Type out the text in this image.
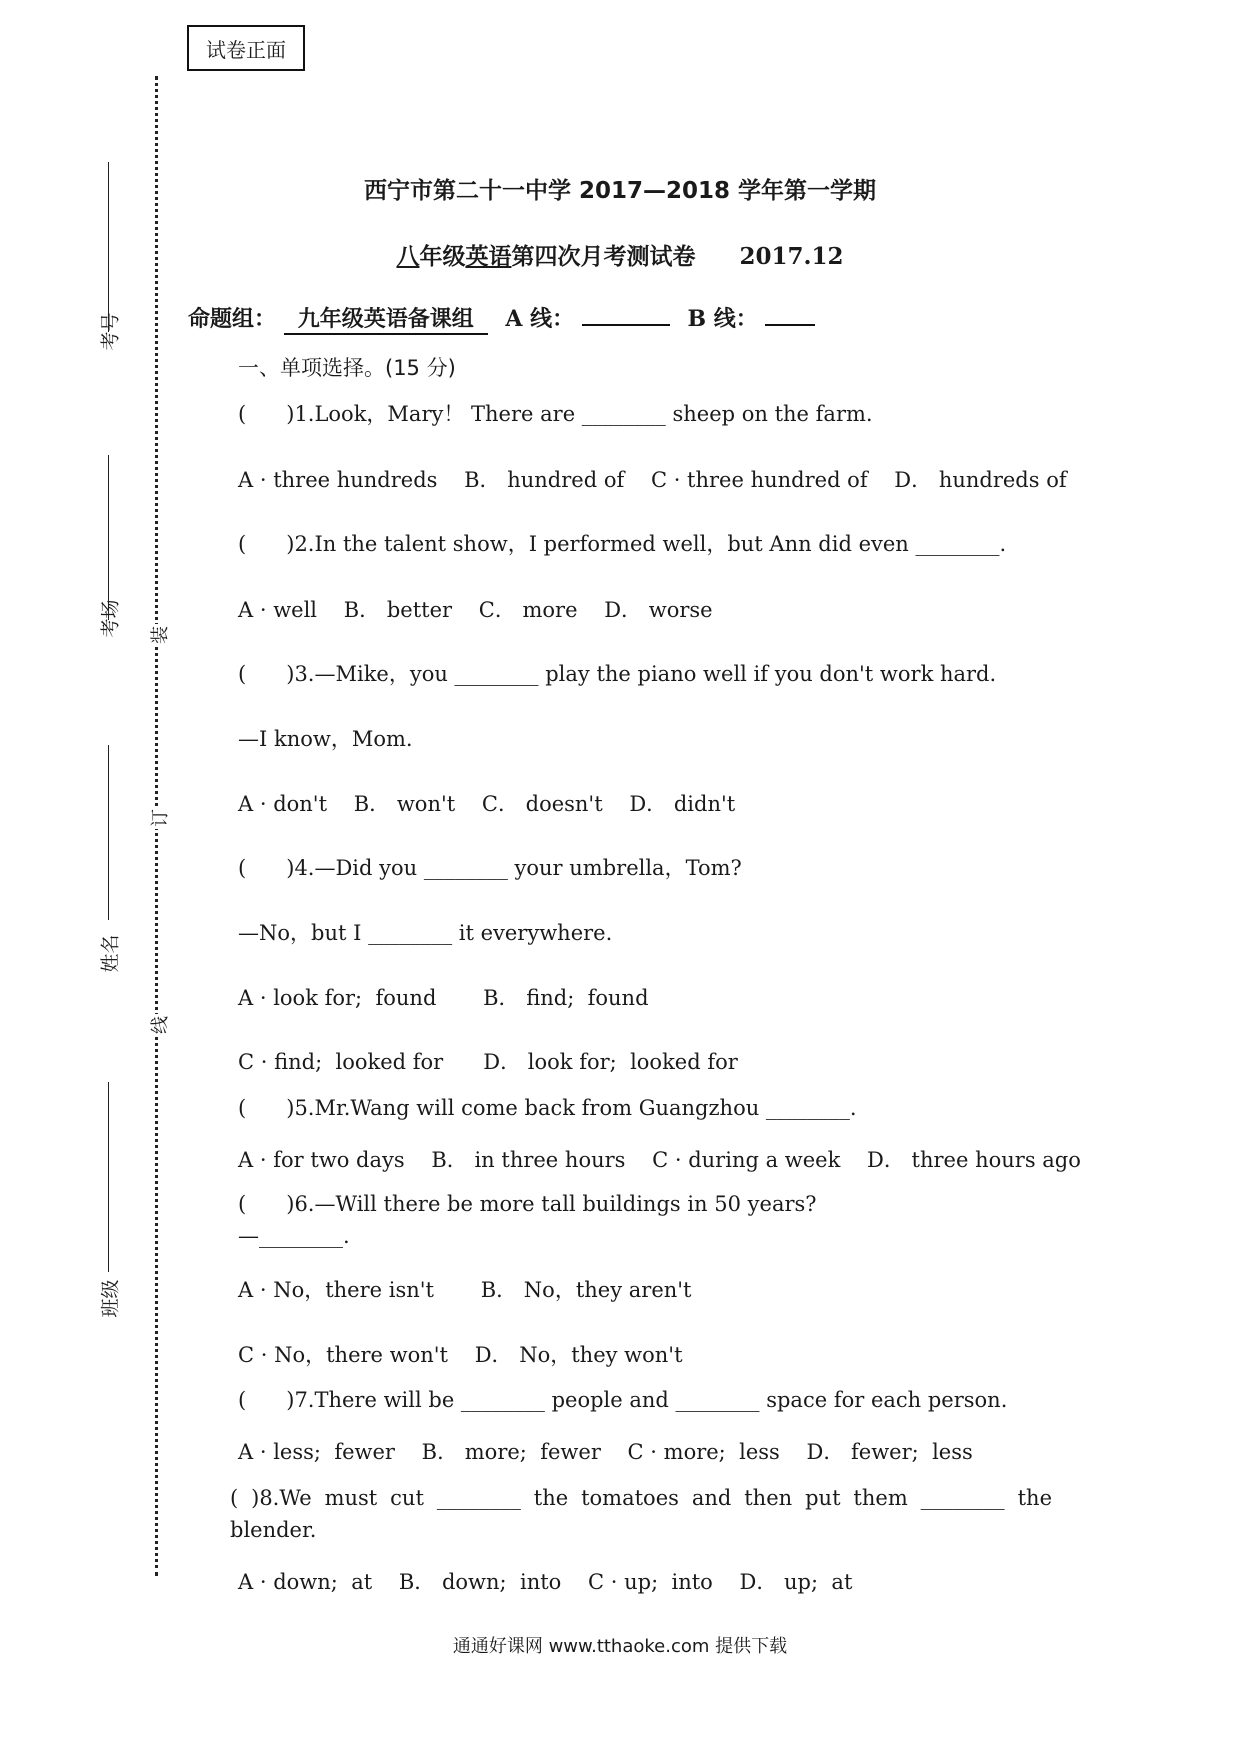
试卷正面
装
订
线
考号
考场
姓名
班级
西宁市第二十一中学 2017—2018 学年第一学期
八年级英语第四次月考测试卷 2017.12
命题组： 九年级英语备课组 A 线：	B 线：
一、单项选择。(15 分)
(      )1.Look，Mary！ There are ________ sheep on the farm.
A · three hundreds    B． hundred of    C · three hundred of    D． hundreds of
(      )2.In the talent show，I performed well，but Ann did even ________.
A · well    B． better    C． more    D． worse
(      )3.—Mike，you ________ play the piano well if you don't work hard.
—I know，Mom.
A · don't    B． won't    C． doesn't    D． didn't
(      )4.—Did you ________ your umbrella，Tom?
—No，but I ________ it everywhere.
A · look for;  found       B． find;  found
C · find;  looked for      D． look for;  looked for
(      )5.Mr.Wang will come back from Guangzhou ________.
A · for two days    B． in three hours    C · during a week    D． three hours ago
(      )6.—Will there be more tall buildings in 50 years?
—________.
A · No，there isn't       B． No，they aren't
C · No，there won't    D． No，they won't
(      )7.There will be ________ people and ________ space for each person.
A · less;  fewer    B． more;  fewer    C · more;  less    D． fewer;  less
( )8.We must cut ________ the tomatoes and then put them ________ the
blender.
A · down;  at    B． down;  into    C · up;  into    D． up;  at
通通好课网 www.tthaoke.com 提供下载
